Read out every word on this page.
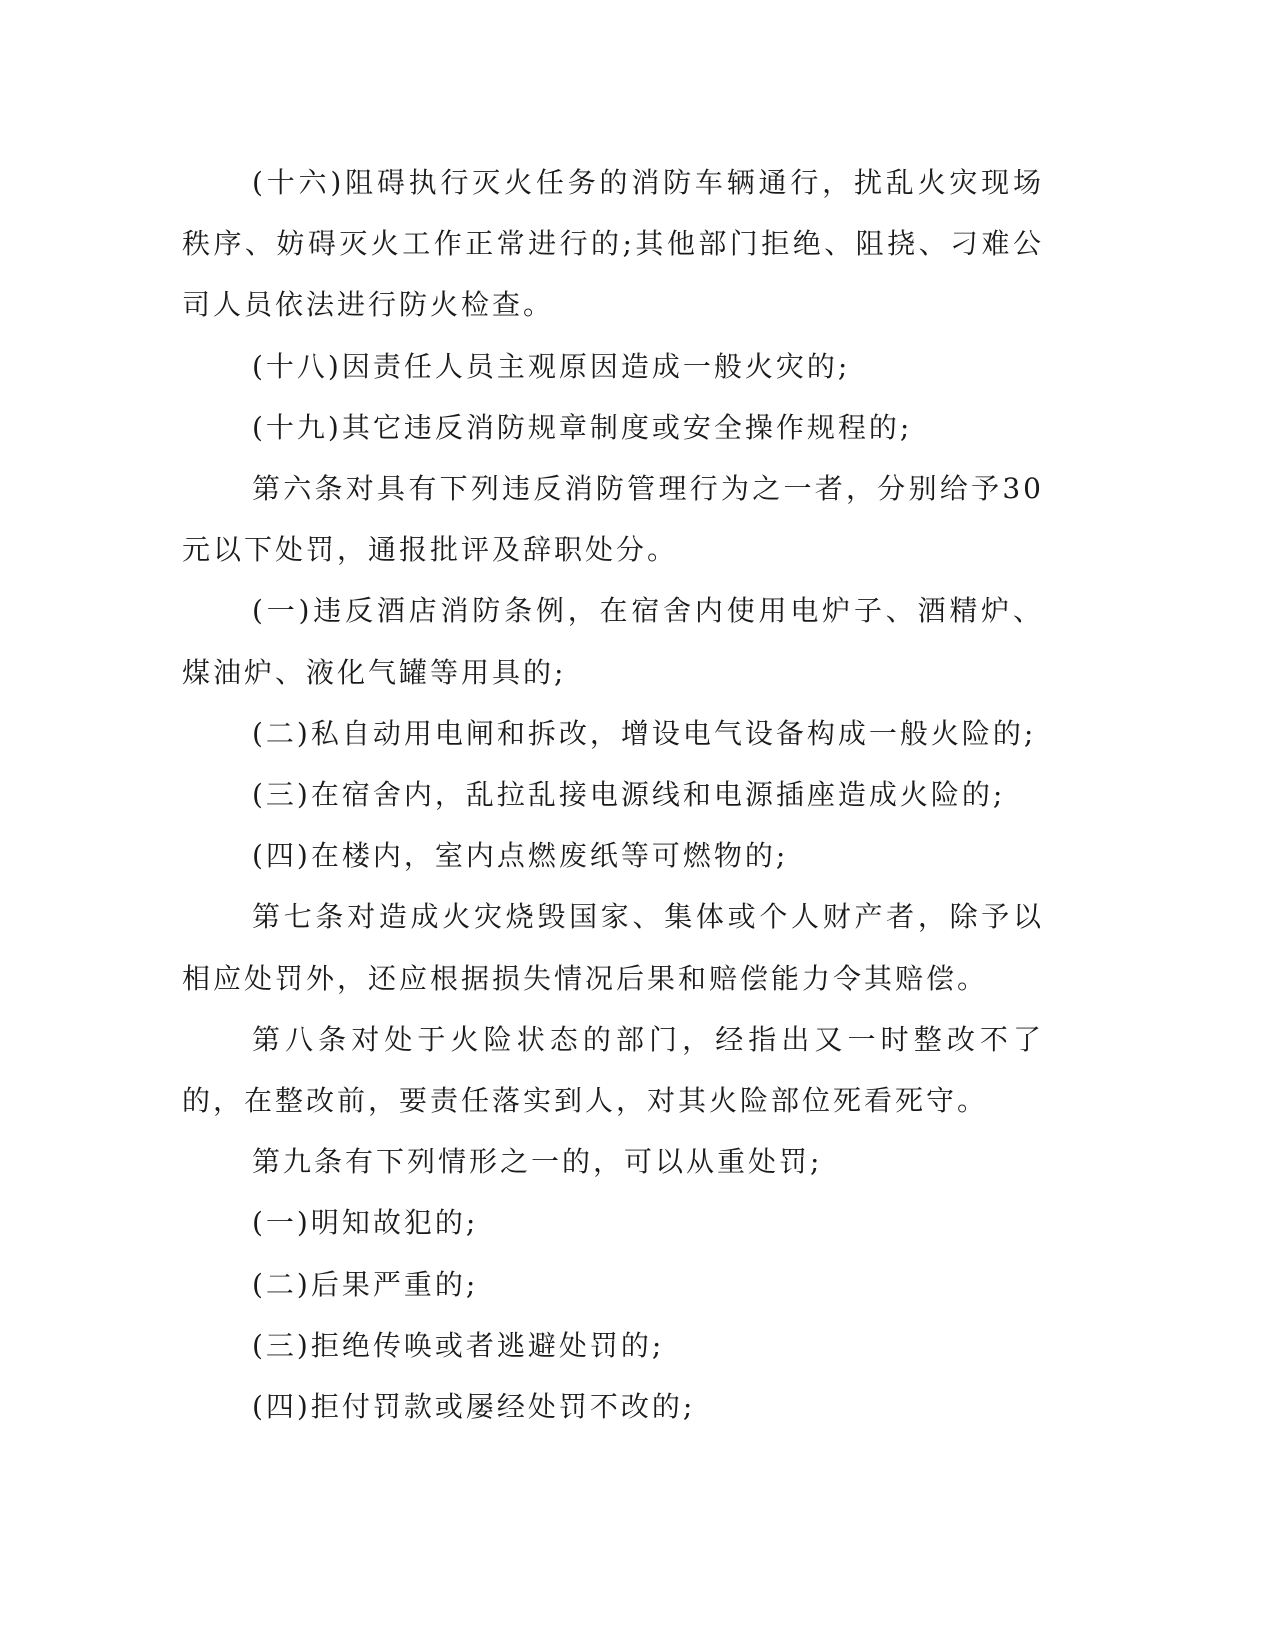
(十六)阻碍执行灭火任务的消防车辆通行，扰乱火灾现场秩序、妨碍灭火工作正常进行的;其他部门拒绝、阻挠、刁难公司人员依法进行防火检查。

(十八)因责任人员主观原因造成一般火灾的;

(十九)其它违反消防规章制度或安全操作规程的;

第六条对具有下列违反消防管理行为之一者，分别给予30元以下处罚，通报批评及辞职处分。

(一)违反酒店消防条例，在宿舍内使用电炉子、酒精炉、煤油炉、液化气罐等用具的;

(二)私自动用电闸和拆改，增设电气设备构成一般火险的;

(三)在宿舍内，乱拉乱接电源线和电源插座造成火险的;

(四)在楼内，室内点燃废纸等可燃物的;

第七条对造成火灾烧毁国家、集体或个人财产者，除予以相应处罚外，还应根据损失情况后果和赔偿能力令其赔偿。

第八条对处于火险状态的部门，经指出又一时整改不了的，在整改前，要责任落实到人，对其火险部位死看死守。

第九条有下列情形之一的，可以从重处罚;

(一)明知故犯的;

(二)后果严重的;

(三)拒绝传唤或者逃避处罚的;

(四)拒付罚款或屡经处罚不改的;
